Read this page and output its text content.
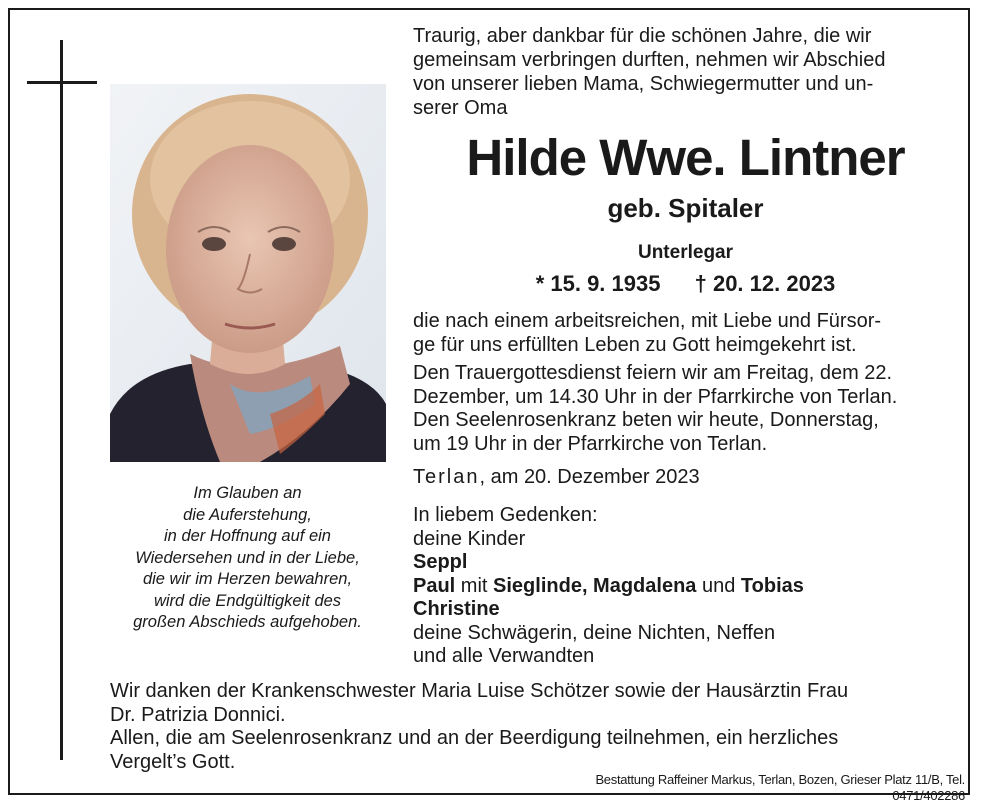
Im Glauben an
die Auferstehung,
in der Hoffnung auf ein
Wiedersehen und in der Liebe,
die wir im Herzen bewahren,
wird die Endgültigkeit des
großen Abschieds aufgehoben.
Traurig, aber dankbar für die schönen Jahre, die wir
gemeinsam verbringen durften, nehmen wir Abschied
von unserer lieben Mama, Schwiegermutter und un-
serer Oma
Hilde Wwe. Lintner
geb. Spitaler
Unterlegar
* 15. 9. 1935 † 20. 12. 2023
die nach einem arbeitsreichen, mit Liebe und Fürsor-
ge für uns erfüllten Leben zu Gott heimgekehrt ist.
Den Trauergottesdienst feiern wir am Freitag, dem 22.
Dezember, um 14.30 Uhr in der Pfarrkirche von Terlan.
Den Seelenrosenkranz beten wir heute, Donnerstag,
um 19 Uhr in der Pfarrkirche von Terlan.
Terlan, am 20. Dezember 2023
In liebem Gedenken:
deine Kinder
Seppl
Paul mit Sieglinde, Magdalena und Tobias
Christine
deine Schwägerin, deine Nichten, Neffen
und alle Verwandten
Wir danken der Krankenschwester Maria Luise Schötzer sowie der Hausärztin Frau
Dr. Patrizia Donnici.
Allen, die am Seelenrosenkranz und an der Beerdigung teilnehmen, ein herzliches
Vergelt’s Gott.
Bestattung Raffeiner Markus, Terlan, Bozen, Grieser Platz 11/B, Tel. 0471/402286
